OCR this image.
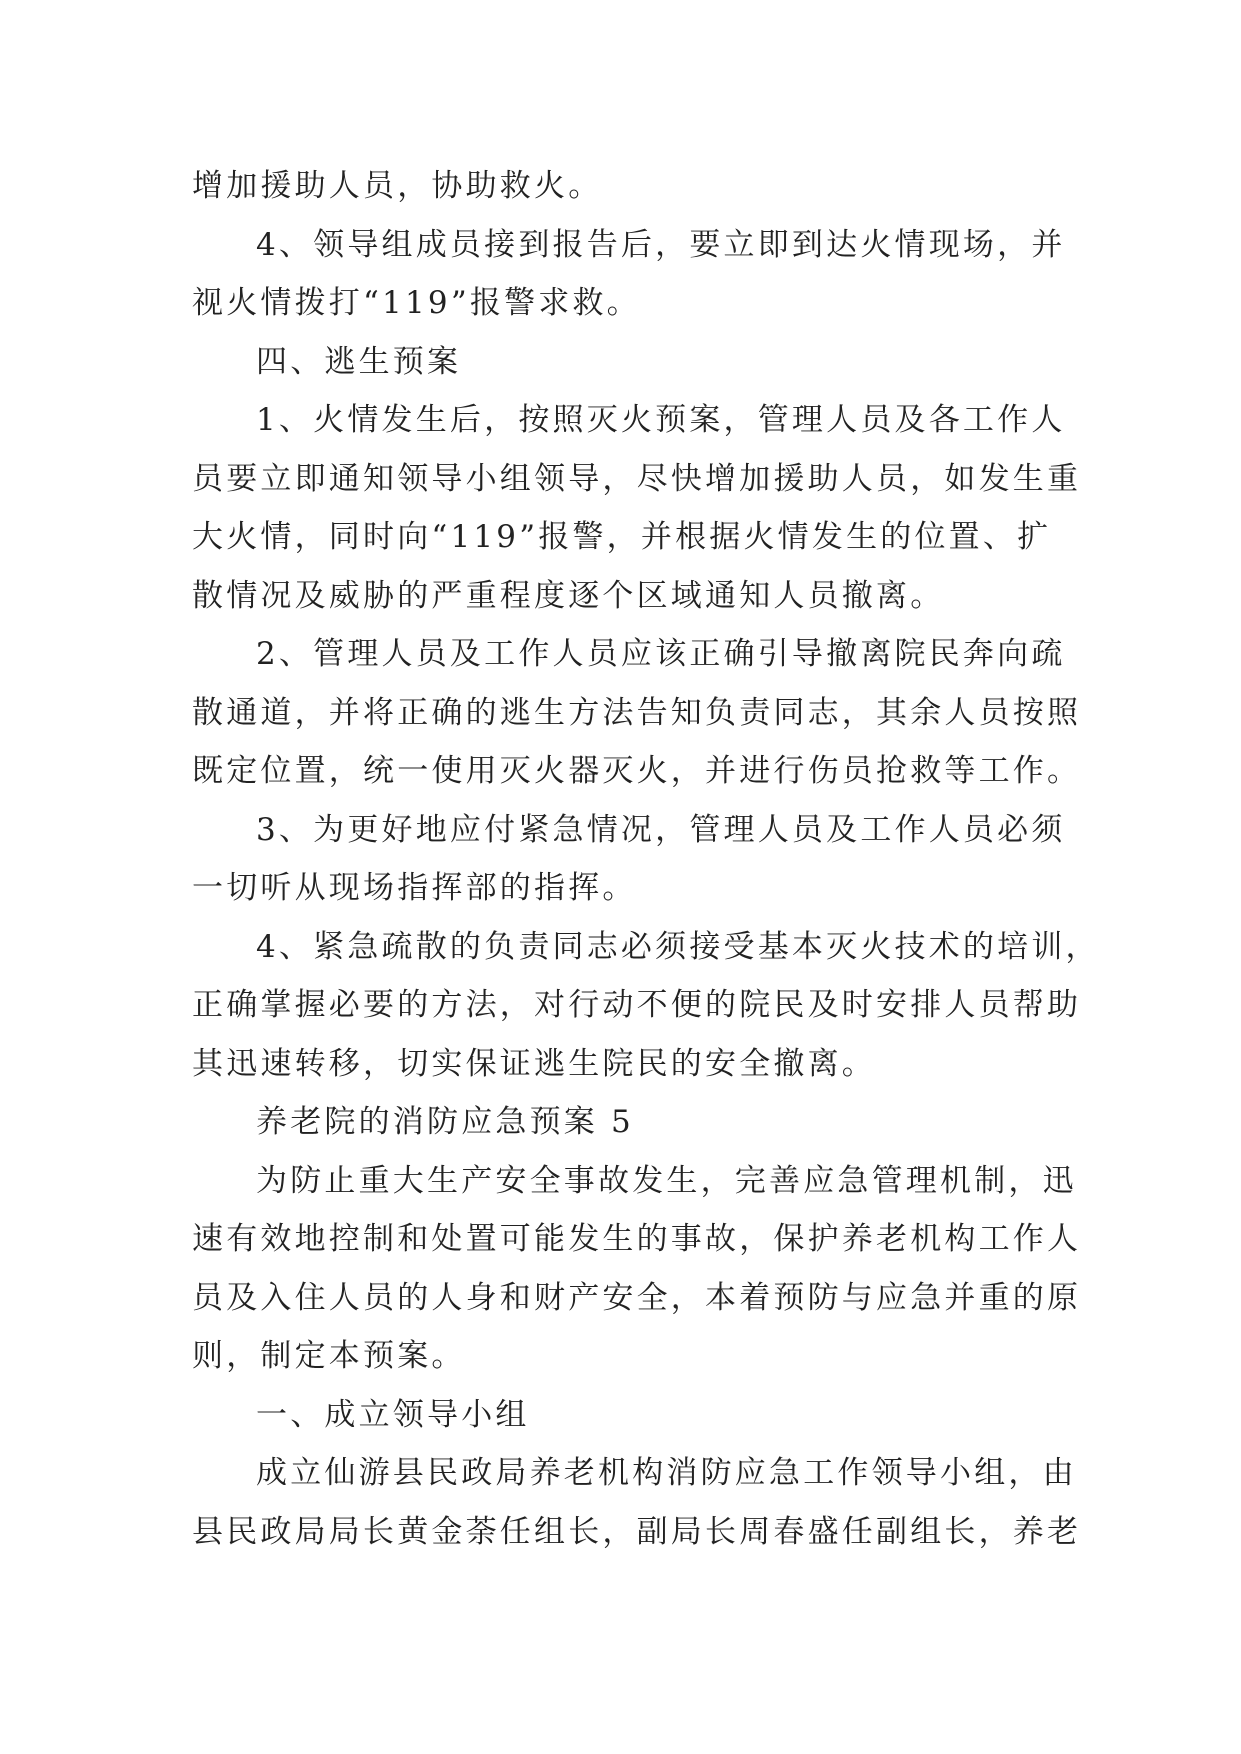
增加援助人员，协助救火。
4、领导组成员接到报告后，要立即到达火情现场，并
视火情拨打“119”报警求救。
四、逃生预案
1、火情发生后，按照灭火预案，管理人员及各工作人
员要立即通知领导小组领导，尽快增加援助人员，如发生重
大火情，同时向“119”报警，并根据火情发生的位置、扩
散情况及威胁的严重程度逐个区域通知人员撤离。
2、管理人员及工作人员应该正确引导撤离院民奔向疏
散通道，并将正确的逃生方法告知负责同志，其余人员按照
既定位置，统一使用灭火器灭火，并进行伤员抢救等工作。
3、为更好地应付紧急情况，管理人员及工作人员必须
一切听从现场指挥部的指挥。
4、紧急疏散的负责同志必须接受基本灭火技术的培训，
正确掌握必要的方法，对行动不便的院民及时安排人员帮助
其迅速转移，切实保证逃生院民的安全撤离。
养老院的消防应急预案 5
为防止重大生产安全事故发生，完善应急管理机制，迅
速有效地控制和处置可能发生的事故，保护养老机构工作人
员及入住人员的人身和财产安全，本着预防与应急并重的原
则，制定本预案。
一、成立领导小组
成立仙游县民政局养老机构消防应急工作领导小组，由
县民政局局长黄金荼任组长，副局长周春盛任副组长，养老
